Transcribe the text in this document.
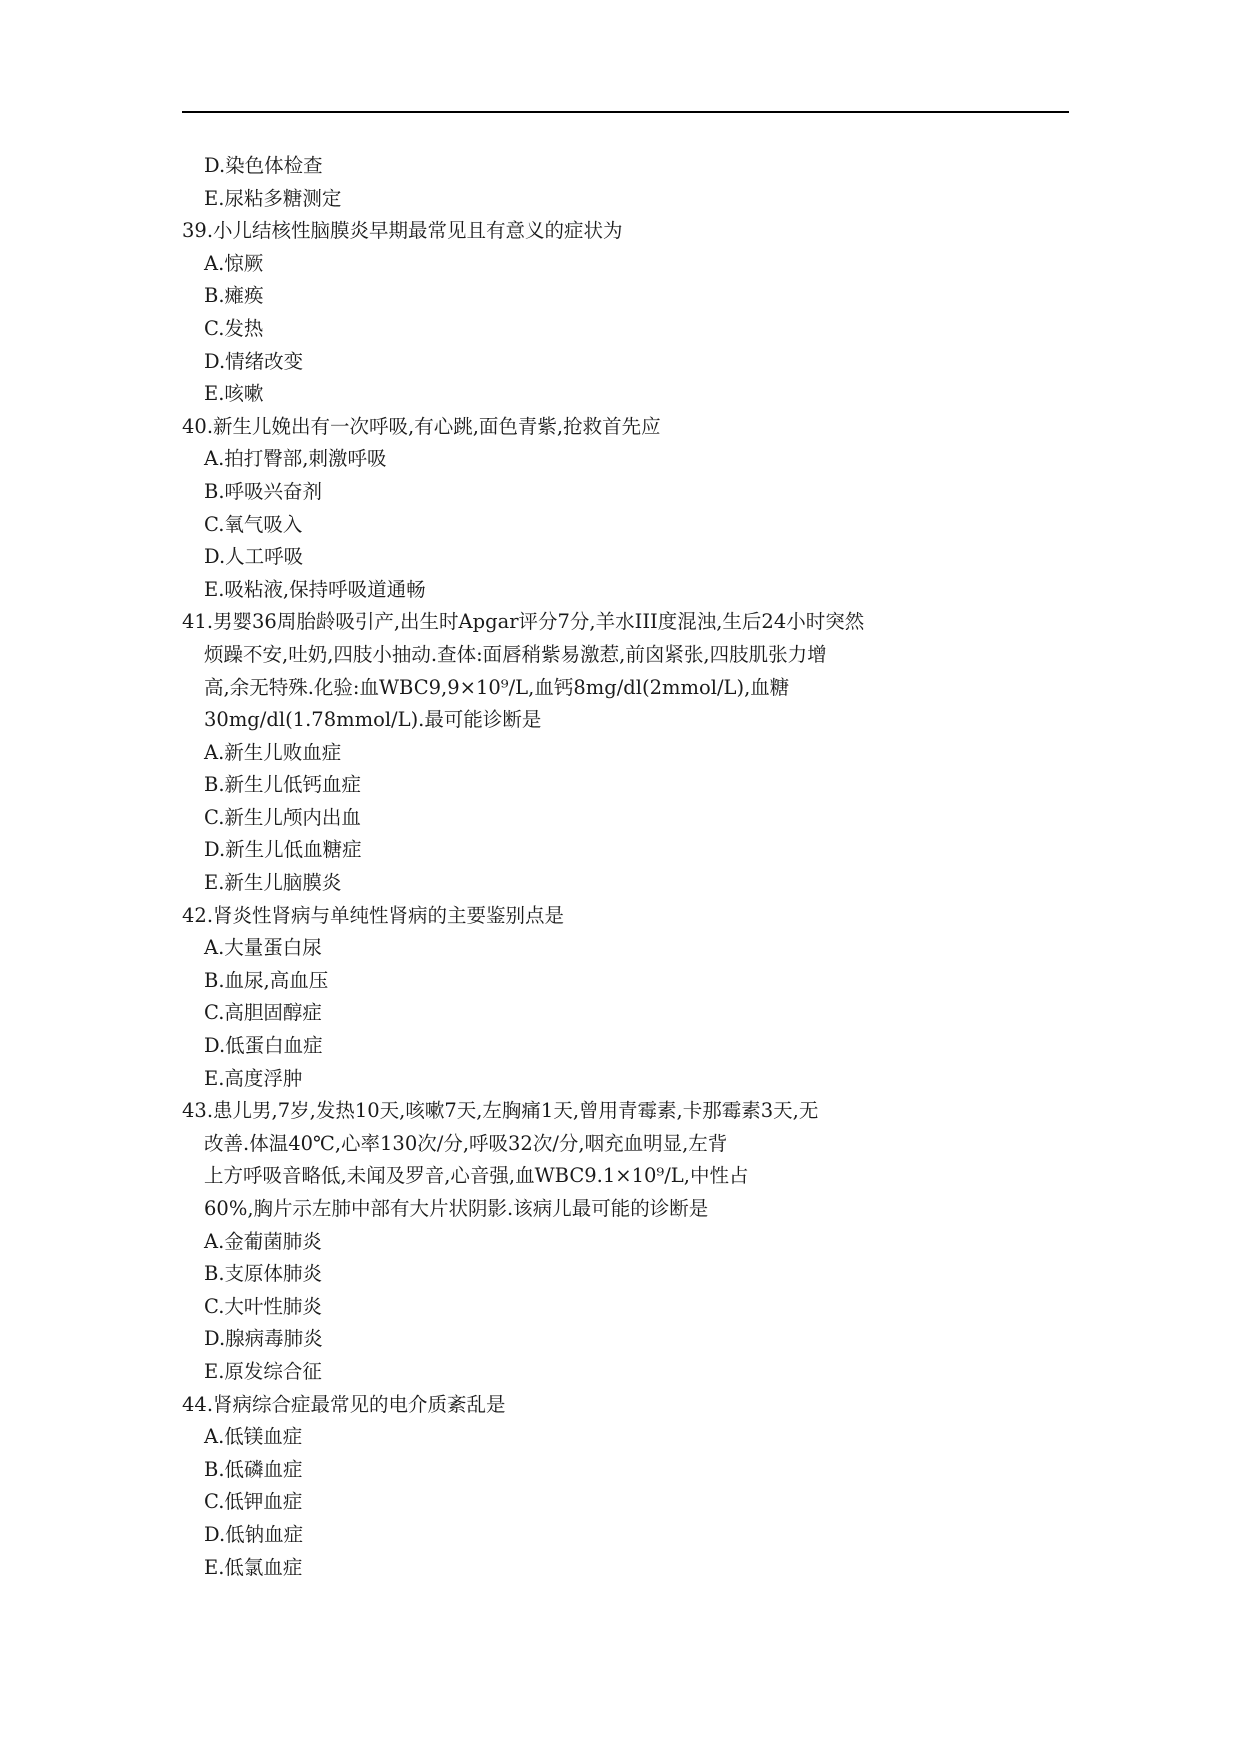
D.染色体检查
E.尿粘多糖测定
39.小儿结核性脑膜炎早期最常见且有意义的症状为
A.惊厥
B.瘫痪
C.发热
D.情绪改变
E.咳嗽
40.新生儿娩出有一次呼吸,有心跳,面色青紫,抢救首先应
A.拍打臀部,刺激呼吸
B.呼吸兴奋剂
C.氧气吸入
D.人工呼吸
E.吸粘液,保持呼吸道通畅
41.男婴36周胎龄吸引产,出生时Apgar评分7分,羊水III度混浊,生后24小时突然
烦躁不安,吐奶,四肢小抽动.查体:面唇稍紫易激惹,前囟紧张,四肢肌张力增
高,余无特殊.化验:血WBC9,9×10⁹/L,血钙8mg/dl(2mmol/L),血糖
30mg/dl(1.78mmol/L).最可能诊断是
A.新生儿败血症
B.新生儿低钙血症
C.新生儿颅内出血
D.新生儿低血糖症
E.新生儿脑膜炎
42.肾炎性肾病与单纯性肾病的主要鉴别点是
A.大量蛋白尿
B.血尿,高血压
C.高胆固醇症
D.低蛋白血症
E.高度浮肿
43.患儿男,7岁,发热10天,咳嗽7天,左胸痛1天,曾用青霉素,卡那霉素3天,无
改善.体温40℃,心率130次/分,呼吸32次/分,咽充血明显,左背
上方呼吸音略低,未闻及罗音,心音强,血WBC9.1×10⁹/L,中性占
60%,胸片示左肺中部有大片状阴影.该病儿最可能的诊断是
A.金葡菌肺炎
B.支原体肺炎
C.大叶性肺炎
D.腺病毒肺炎
E.原发综合征
44.肾病综合症最常见的电介质紊乱是
A.低镁血症
B.低磷血症
C.低钾血症
D.低钠血症
E.低氯血症
